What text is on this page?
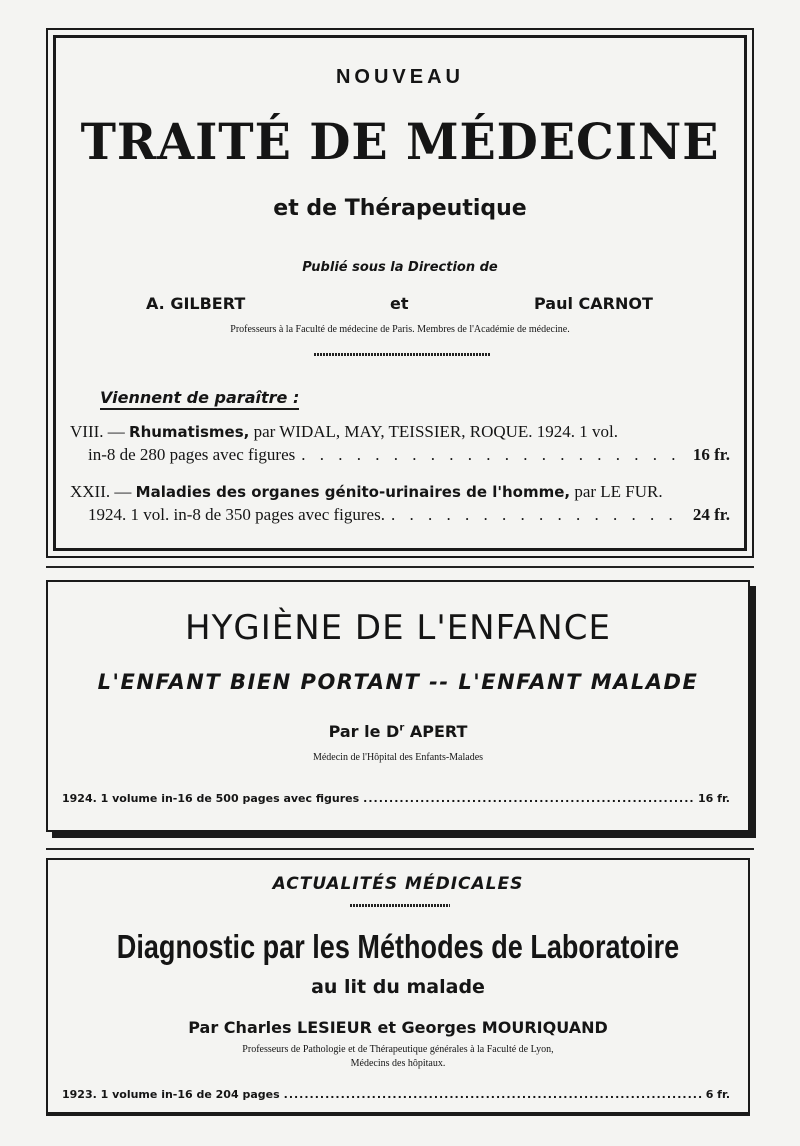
NOUVEAU
TRAITÉ DE MÉDECINE
et de Thérapeutique
Publié sous la Direction de
A. GILBERT	et	Paul CARNOT
Professeurs à la Faculté de médecine de Paris. Membres de l'Académie de médecine.
Viennent de paraître :
VIII. —
Rhumatismes,
par WIDAL, MAY, TEISSIER, ROQUE. 1924. 1 vol.
in-8 de 280 pages avec figures . . .	16 fr.
XXII. —
Maladies des organes génito-urinaires de l'homme,
par LE FUR.
1924. 1 vol. in-8 de 350 pages avec figures. . . .	24 fr.
HYGIÈNE DE L'ENFANCE
L'ENFANT BIEN PORTANT -- L'ENFANT MALADE
Par le $D^r$ APERT
Médecin de l'Hôpital des Enfants-Malades
1924. 1 volume in-16 de 500 pages avec figures .....	16 fr.
ACTUALITÉS MÉDICALES
Diagnostic par les Méthodes de Laboratoire
au lit du malade
Par Charles LESIEUR et Georges MOURIQUAND
Professeurs de Pathologie et de Thérapeutique générales à la Faculté de Lyon,
Médecins des hôpitaux.
1923. 1 volume in-16 de 204 pages .....	6 fr.
